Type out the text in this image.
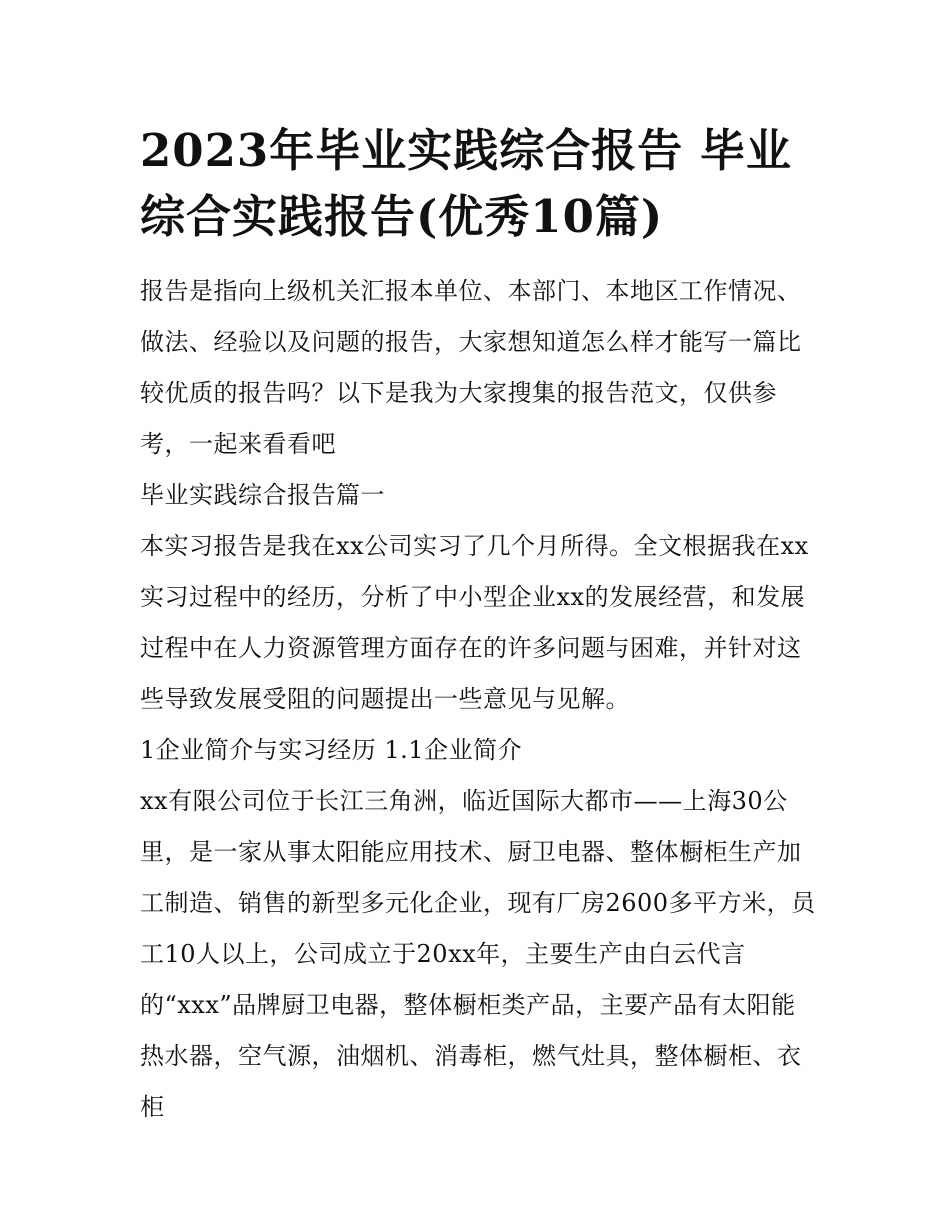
2023年毕业实践综合报告 毕业综合实践报告(优秀10篇)

报告是指向上级机关汇报本单位、本部门、本地区工作情况、做法、经验以及问题的报告，大家想知道怎么样才能写一篇比较优质的报告吗？以下是我为大家搜集的报告范文，仅供参考，一起来看看吧

毕业实践综合报告篇一

本实习报告是我在xx公司实习了几个月所得。全文根据我在xx实习过程中的经历，分析了中小型企业xx的发展经营，和发展过程中在人力资源管理方面存在的许多问题与困难，并针对这些导致发展受阻的问题提出一些意见与见解。

1企业简介与实习经历 1.1企业简介

xx有限公司位于长江三角洲，临近国际大都市——上海30公里，是一家从事太阳能应用技术、厨卫电器、整体橱柜生产加工制造、销售的新型多元化企业，现有厂房2600多平方米，员工10人以上，公司成立于20xx年，主要生产由白云代言的“xxx”品牌厨卫电器，整体橱柜类产品，主要产品有太阳能热水器，空气源，油烟机、消毒柜，燃气灶具，整体橱柜、衣柜
